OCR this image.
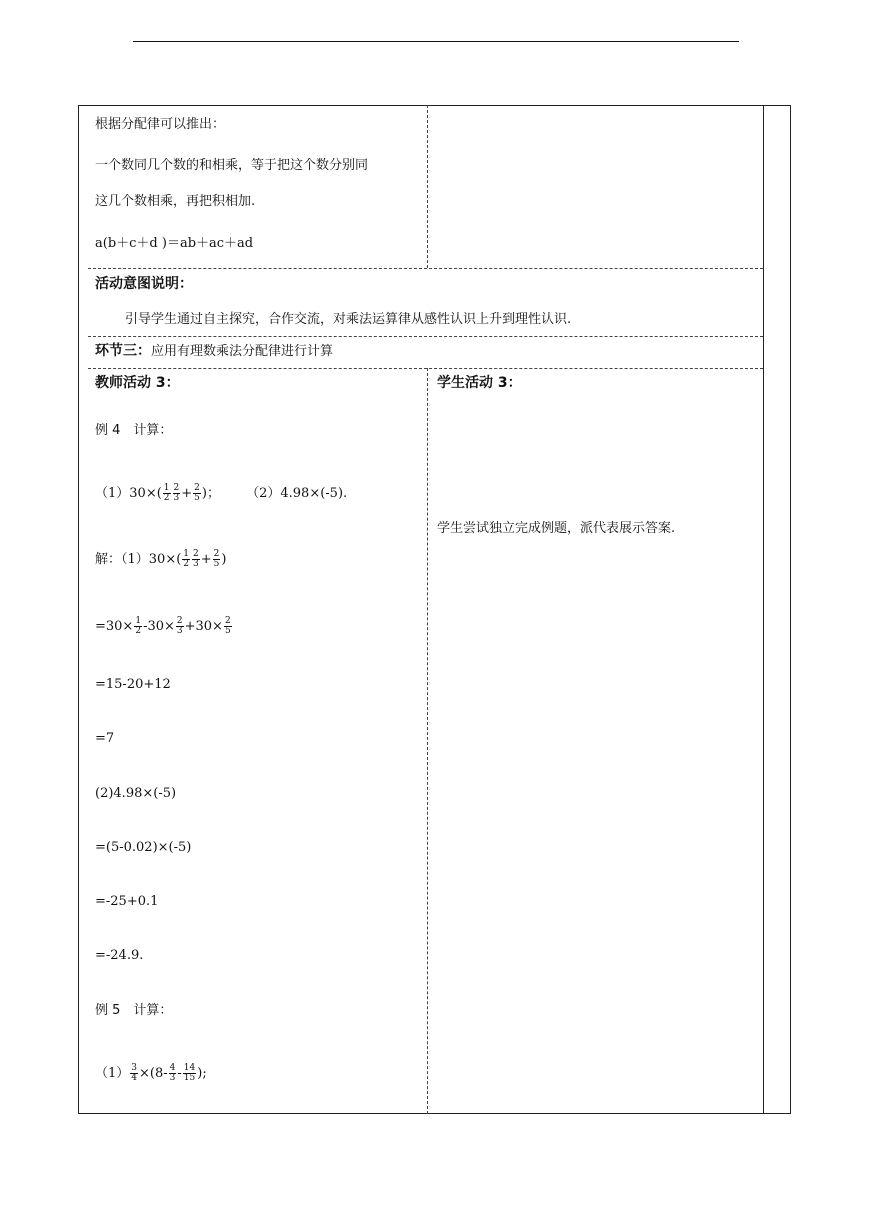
根据分配律可以推出：
一个数同几个数的和相乘，等于把这个数分别同
这几个数相乘，再把积相加.
a(b＋c＋d )＝ab＋ac＋ad
活动意图说明：
引导学生通过自主探究，合作交流，对乘法运算律从感性认识上升到理性认识.
环节三：应用有理数乘法分配律进行计算
教师活动 3：
例 4　计算：
$(1)30\times( \frac{1}{2} \frac{2}{3} + \frac{2}{5}$ )； （2）4.98×(-5).
解：$(1)30\times( \frac{1}{2} \frac{2}{3} + \frac{2}{5}$ )
$=30\times \frac{1}{2} -30\times \frac{2}{3} +30\times \frac{2}{5}$
=15-20+12
=7
(2)4.98×(-5)
=(5-0.02)×(-5)
=-25+0.1
=-24.9.
例 5　计算：
$(1) \frac{3}{4} \times(8- \frac{4}{3} - \frac{14}{15}$ );
学生活动 3：
学生尝试独立完成例题，派代表展示答案.
